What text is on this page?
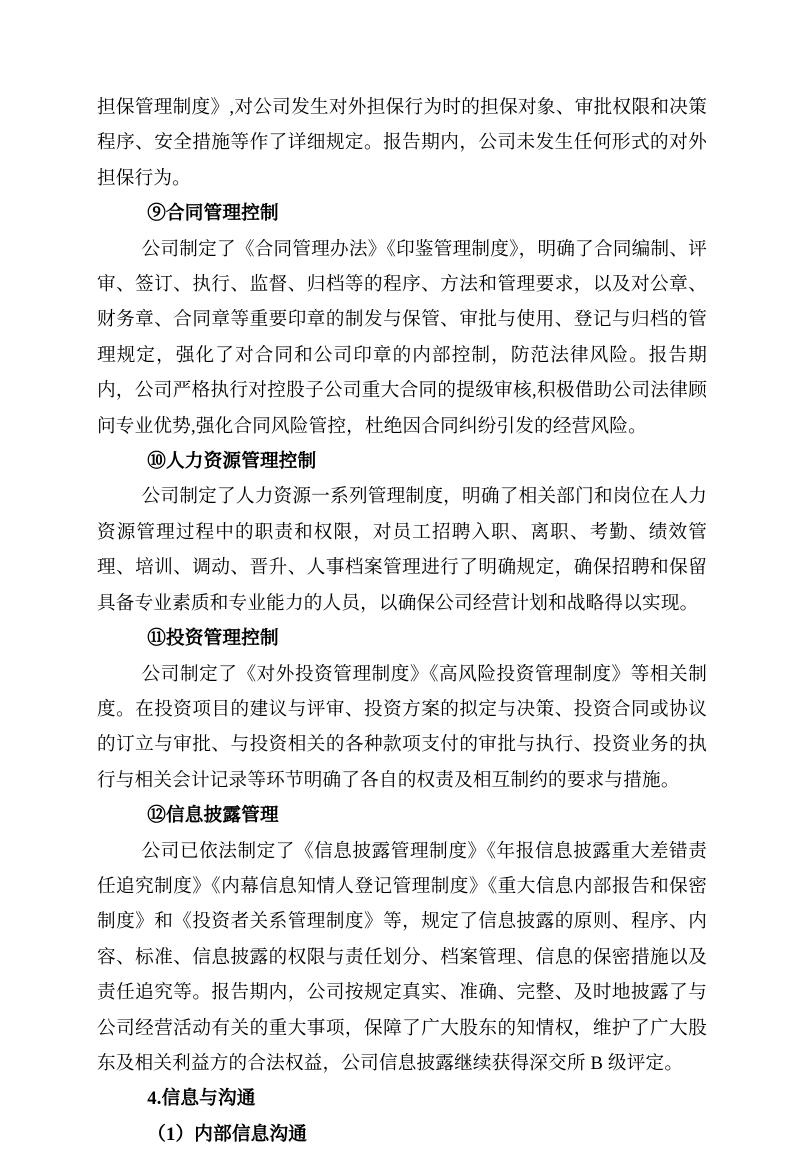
担保管理制度》,对公司发生对外担保行为时的担保对象、审批权限和决策程序、安全措施等作了详细规定。报告期内，公司未发生任何形式的对外担保行为。

⑨合同管理控制

公司制定了《合同管理办法》《印鉴管理制度》，明确了合同编制、评审、签订、执行、监督、归档等的程序、方法和管理要求，以及对公章、财务章、合同章等重要印章的制发与保管、审批与使用、登记与归档的管理规定，强化了对合同和公司印章的内部控制，防范法律风险。报告期内，公司严格执行对控股子公司重大合同的提级审核,积极借助公司法律顾问专业优势,强化合同风险管控，杜绝因合同纠纷引发的经营风险。

⑩人力资源管理控制

公司制定了人力资源一系列管理制度，明确了相关部门和岗位在人力资源管理过程中的职责和权限，对员工招聘入职、离职、考勤、绩效管理、培训、调动、晋升、人事档案管理进行了明确规定，确保招聘和保留具备专业素质和专业能力的人员，以确保公司经营计划和战略得以实现。

⑪投资管理控制

公司制定了《对外投资管理制度》《高风险投资管理制度》等相关制度。在投资项目的建议与评审、投资方案的拟定与决策、投资合同或协议的订立与审批、与投资相关的各种款项支付的审批与执行、投资业务的执行与相关会计记录等环节明确了各自的权责及相互制约的要求与措施。

⑫信息披露管理

公司已依法制定了《信息披露管理制度》《年报信息披露重大差错责任追究制度》《内幕信息知情人登记管理制度》《重大信息内部报告和保密制度》和《投资者关系管理制度》等，规定了信息披露的原则、程序、内容、标准、信息披露的权限与责任划分、档案管理、信息的保密措施以及责任追究等。报告期内，公司按规定真实、准确、完整、及时地披露了与公司经营活动有关的重大事项，保障了广大股东的知情权，维护了广大股东及相关利益方的合法权益，公司信息披露继续获得深交所 B 级评定。

4.信息与沟通

（1）内部信息沟通
